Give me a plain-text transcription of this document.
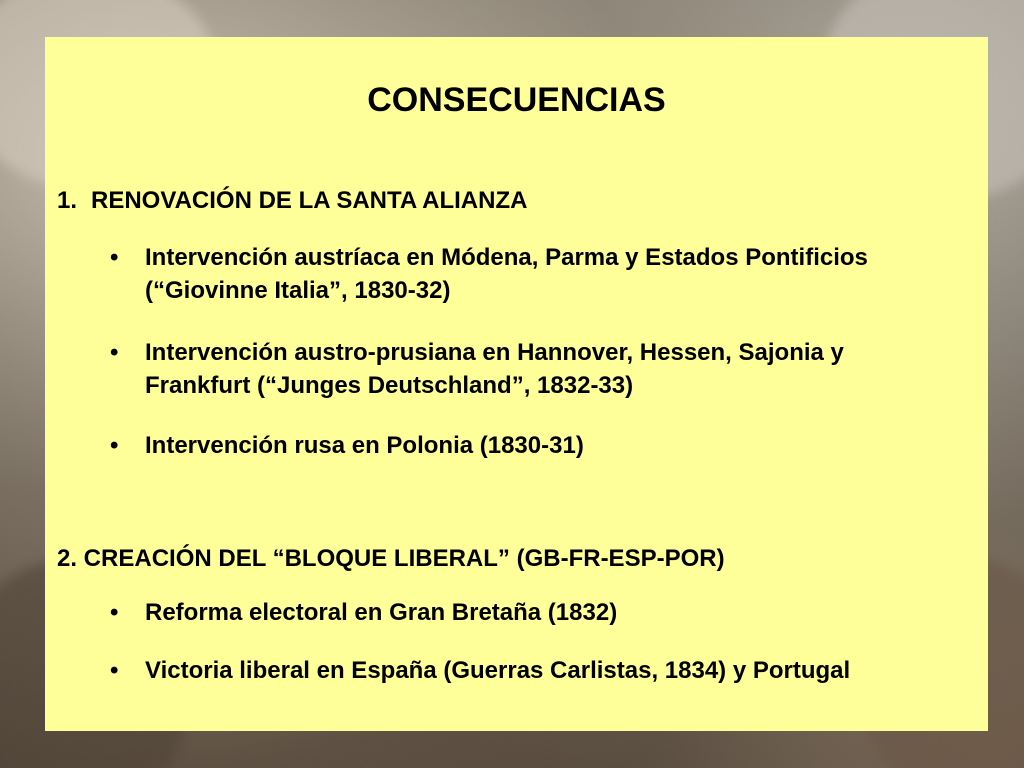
CONSECUENCIAS
1. RENOVACIÓN DE LA SANTA ALIANZA
•	Intervención austríaca en Módena, Parma y Estados Pontificios (“Giovinne Italia”, 1830-32)
•	Intervención austro-prusiana en Hannover, Hessen, Sajonia y Frankfurt (“Junges Deutschland”, 1832-33)
•	Intervención rusa en Polonia (1830-31)
2. CREACIÓN DEL “BLOQUE LIBERAL” (GB-FR-ESP-POR)
•	Reforma electoral en Gran Bretaña (1832)
•	Victoria liberal en España (Guerras Carlistas, 1834) y Portugal
